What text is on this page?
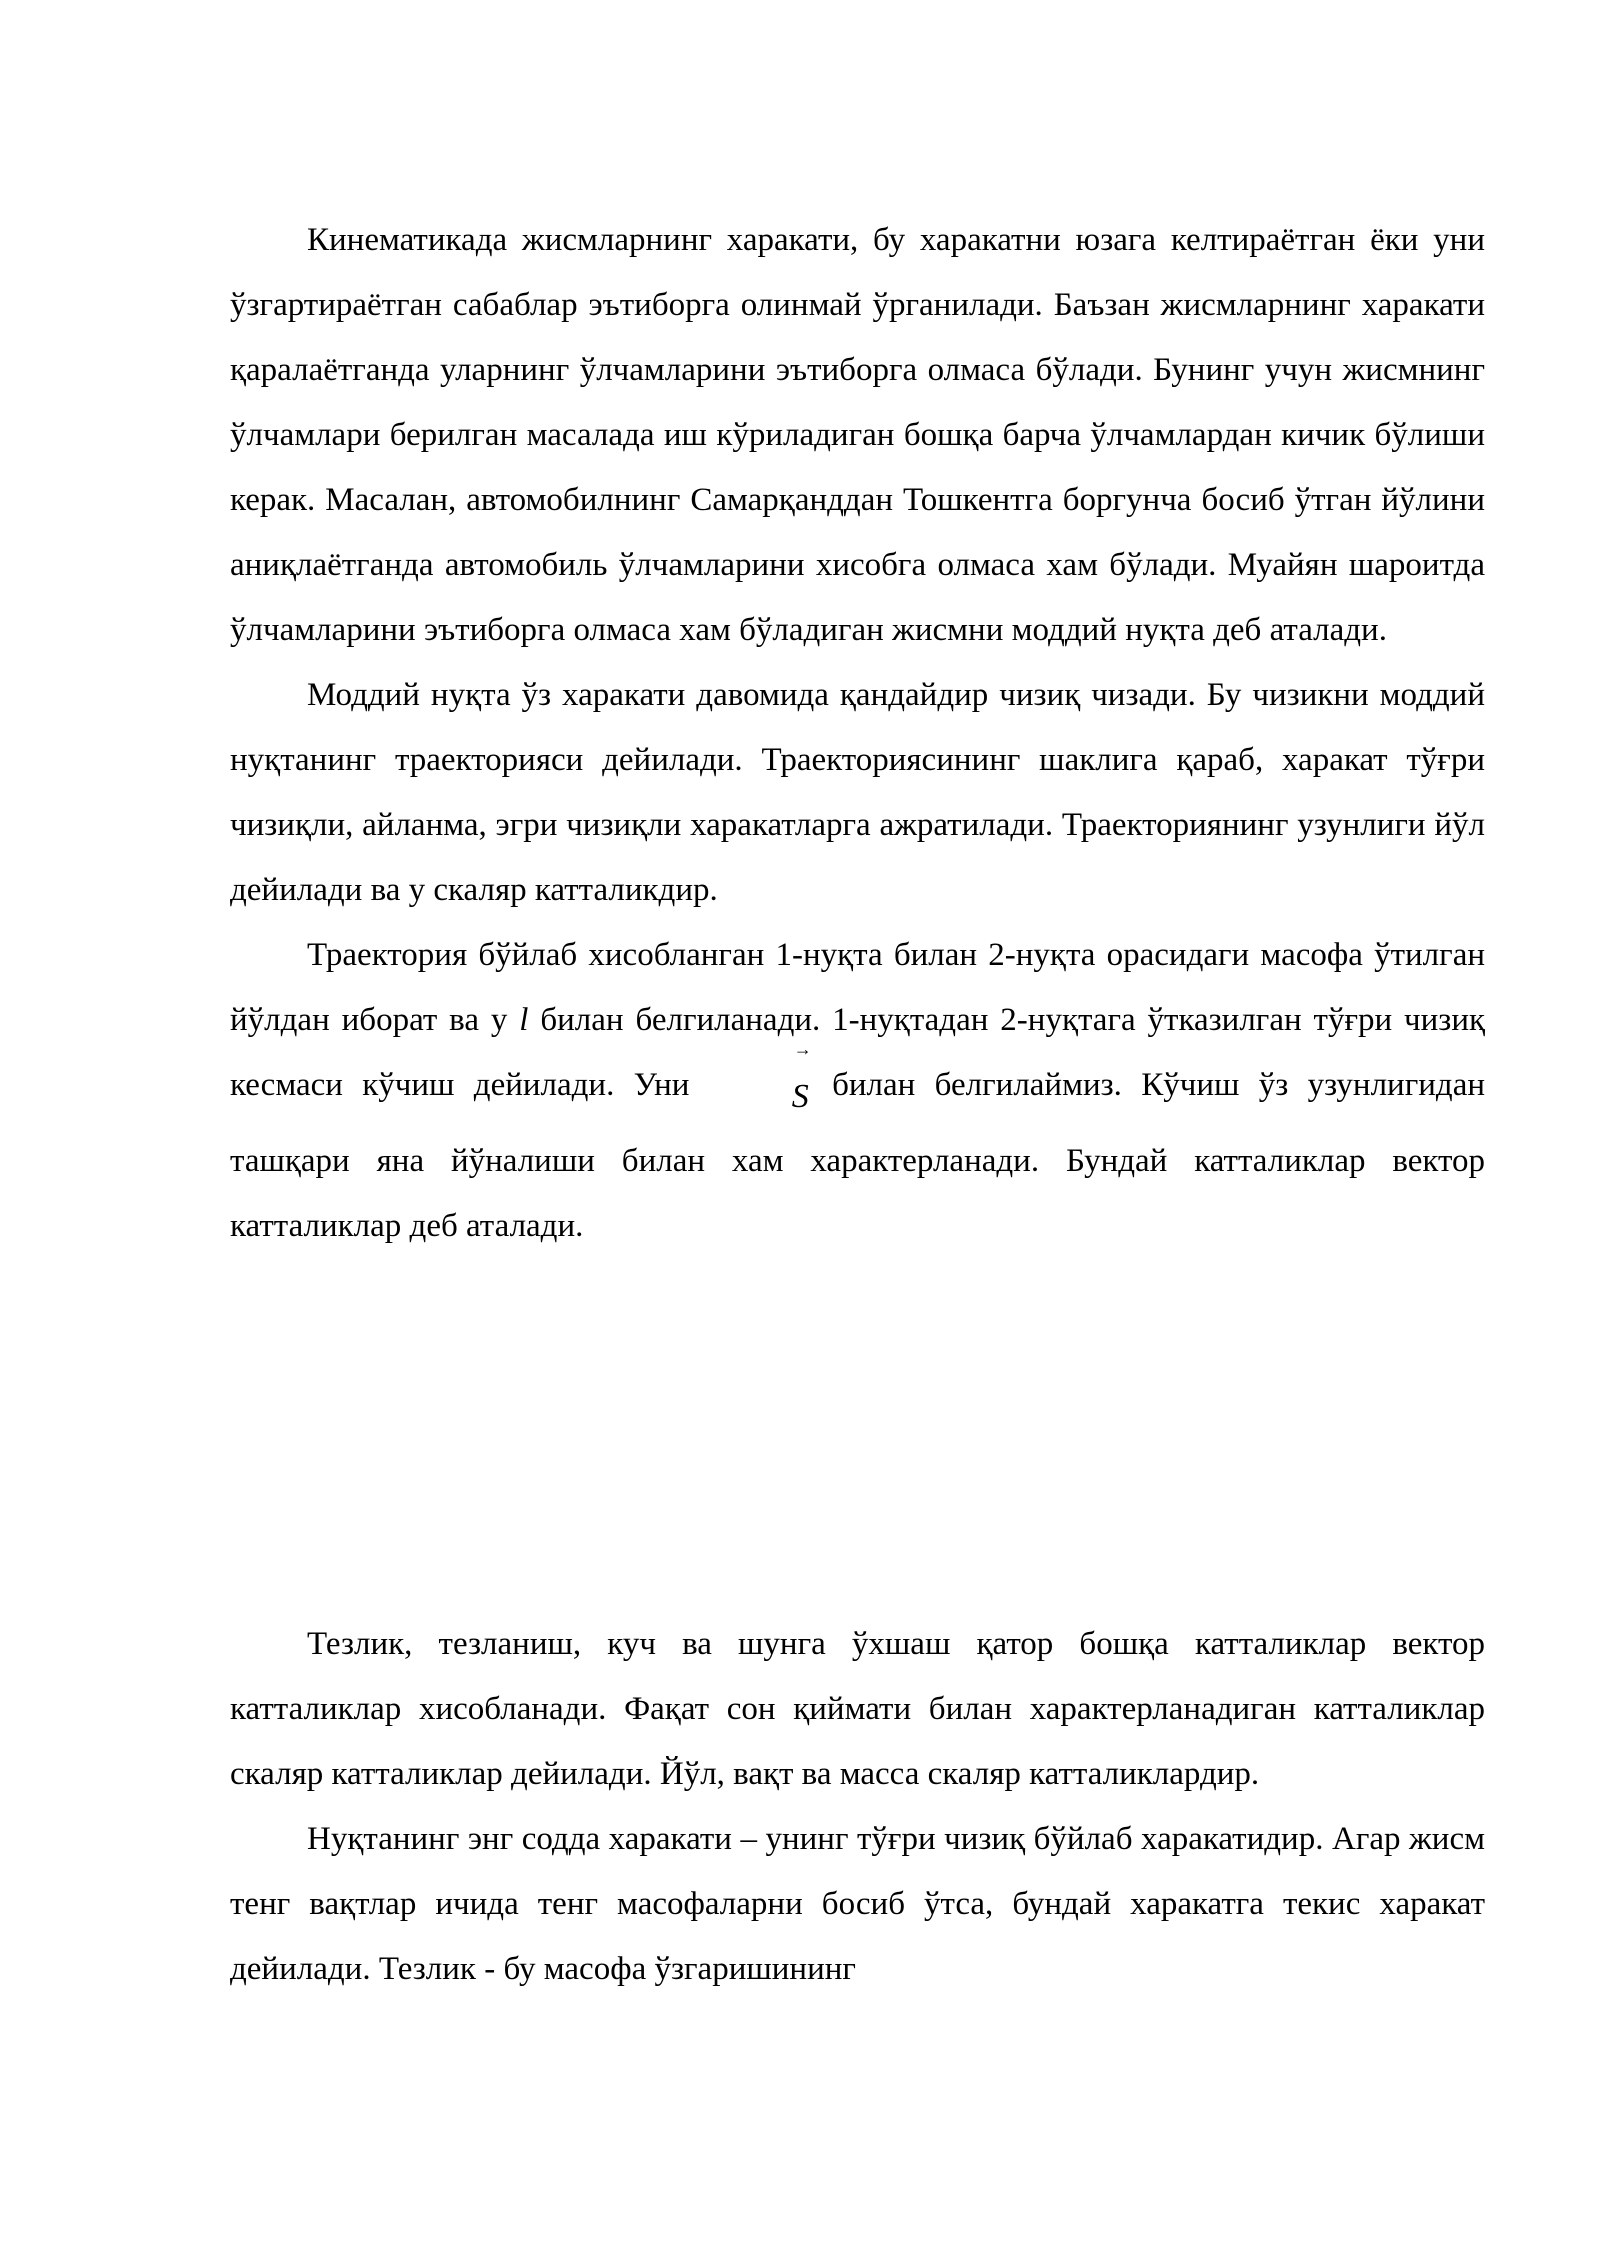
Кинематикада жисмларнинг харакати, бу харакатни юзага келтираётган ёки уни ўзгартираётган сабаблар эътиборга олинмай ўрганилади. Баъзан жисмларнинг харакати қаралаётганда уларнинг ўлчамларини эътиборга олмаса бўлади. Бунинг учун жисмнинг ўлчамлари берилган масалада иш кўриладиган бошқа барча ўлчамлардан кичик бўлиши керак. Масалан, автомобилнинг Самарқанддан Тошкентга боргунча босиб ўтган йўлини аниқлаётганда автомобиль ўлчамларини хисобга олмаса хам бўлади. Муайян шароитда ўлчамларини эътиборга олмаса хам бўладиган жисмни моддий нуқта деб аталади.

Моддий нуқта ўз харакати давомида қандайдир чизиқ чизади. Бу чизикни моддий нуқтанинг траекторияси дейилади. Траекториясининг шаклига қараб, харакат тўғри чизиқли, айланма, эгри чизиқли харакатларга ажратилади. Траекториянинг узунлиги йўл дейилади ва у скаляр катталикдир.

Траектория бўйлаб хисобланган 1-нуқта билан 2-нуқта орасидаги масофа ўтилган йўлдан иборат ва у l билан белгиланади. 1-нуқтадан 2-нуқтага ўтказилган тўғри чизиқ кесмаси кўчиш дейилади. Уни
→
S билан белгилаймиз. Кўчиш ўз узунлигидан ташқари яна йўналиши билан хам характерланади. Бундай катталиклар вектор катталиклар деб аталади.

Тезлик, тезланиш, куч ва шунга ўхшаш қатор бошқа катталиклар вектор катталиклар хисобланади. Фақат сон қиймати билан характерланадиган катталиклар скаляр катталиклар дейилади. Йўл, вақт ва масса скаляр катталиклардир.

Нуқтанинг энг содда харакати – унинг тўғри чизиқ бўйлаб харакатидир. Агар жисм тенг вақтлар ичида тенг масофаларни босиб ўтса, бундай харакатга текис харакат дейилади. Тезлик - бу масофа ўзгаришининг
